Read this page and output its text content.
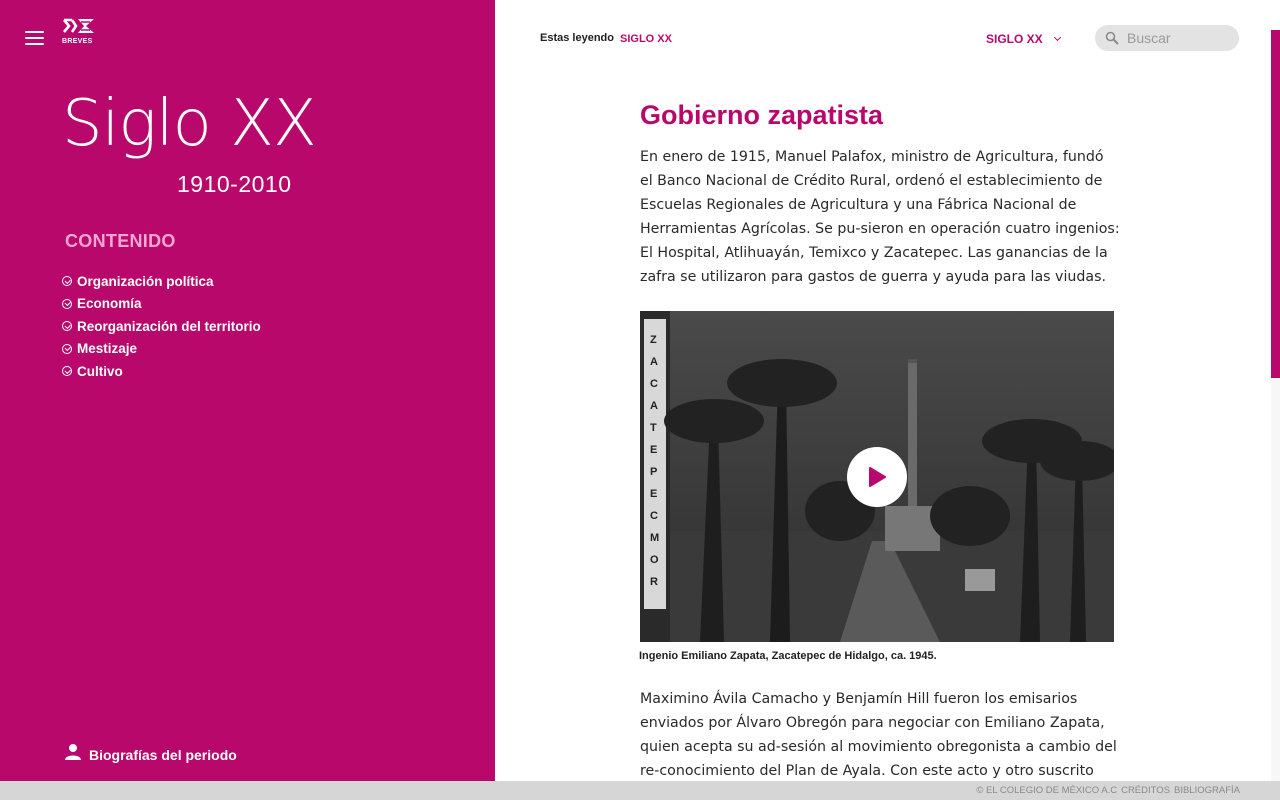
BREVES
Siglo XX
1910-2010
CONTENIDO
Organización política
Economía
Reorganización del territorio
Mestizaje
Cultivo
Biografías del periodo
Estas leyendo SIGLO XX	SIGLO XX
Buscar
Gobierno zapatista

En enero de 1915, Manuel Palafox, ministro de Agricultura, fundó el Banco Nacional de Crédito Rural, ordenó el establecimiento de Escuelas Regionales de Agricultura y una Fábrica Nacional de Herramientas Agrícolas. Se pu-sieron en operación cuatro ingenios: El Hospital, Atlihuayán, Temixco y Zacatepec. Las ganancias de la zafra se utilizaron para gastos de guerra y ayuda para las viudas.

ZACATEPEC MOR
Ingenio Emiliano Zapata, Zacatepec de Hidalgo, ca. 1945.

Maximino Ávila Camacho y Benjamín Hill fueron los emisarios enviados por Álvaro Obregón para negociar con Emiliano Zapata, quien acepta su ad-sesión al movimiento obregonista a cambio del re-conocimiento del Plan de Ayala. Con este acto y otro suscrito

© EL COLEGIO DE MÉXICO A.C CRÉDITOS BIBLIOGRAFÍA
